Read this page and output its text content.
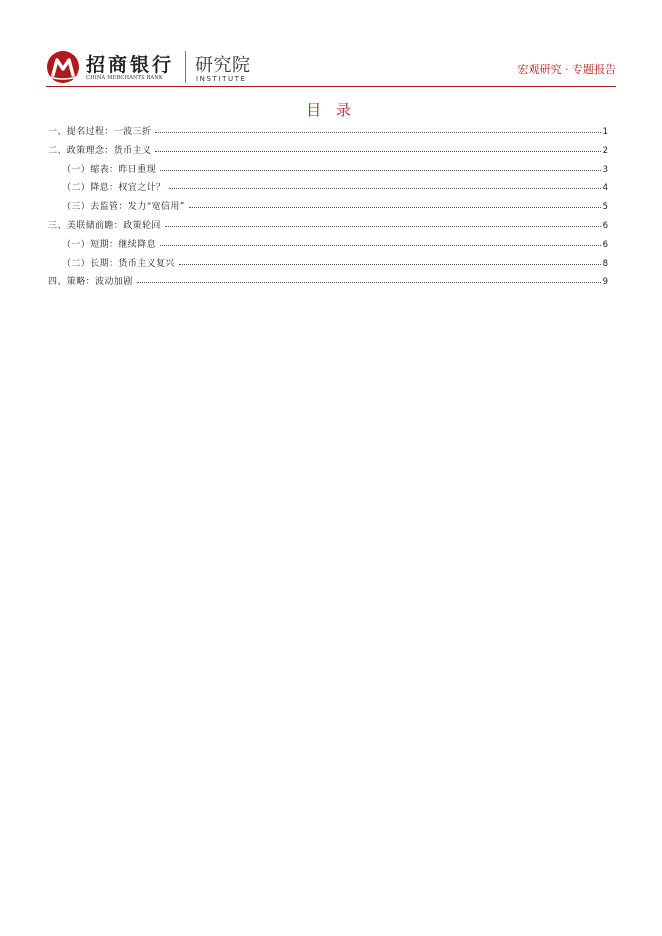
招商银行
CHINA MERCHANTS BANK
研究院
INSTITUTE
宏观研究 · 专题报告
目 录
一、提名过程：一波三折	1
二、政策理念：货币主义	2
（一）缩表：昨日重现	3
（二）降息：权宜之计？	4
（三）去监管：发力“宽信用”	5
三、美联储前瞻：政策轮回	6
（一）短期：继续降息	6
（二）长期：货币主义复兴	8
四、策略：波动加剧	9
